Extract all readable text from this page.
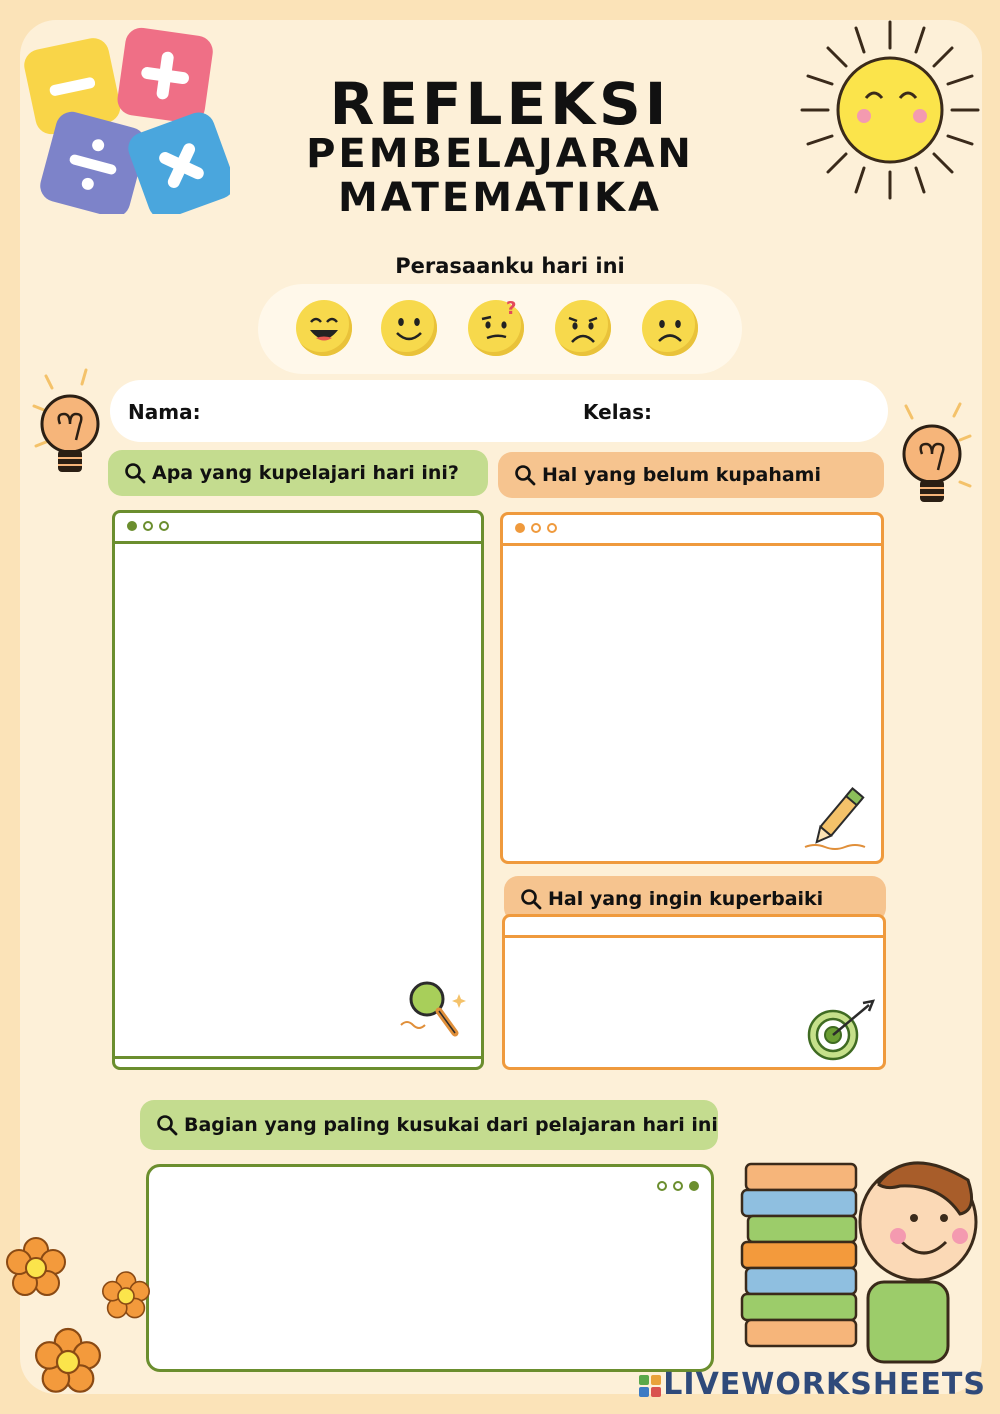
REFLEKSI
PEMBELAJARAN
MATEMATIKA
Perasaanku hari ini
?
Nama:	Kelas:
Apa yang kupelajari hari ini?	Hal yang belum kupahami
Hal yang ingin kuperbaiki
Bagian yang paling kusukai dari pelajaran hari ini
LIVEWORKSHEETS
